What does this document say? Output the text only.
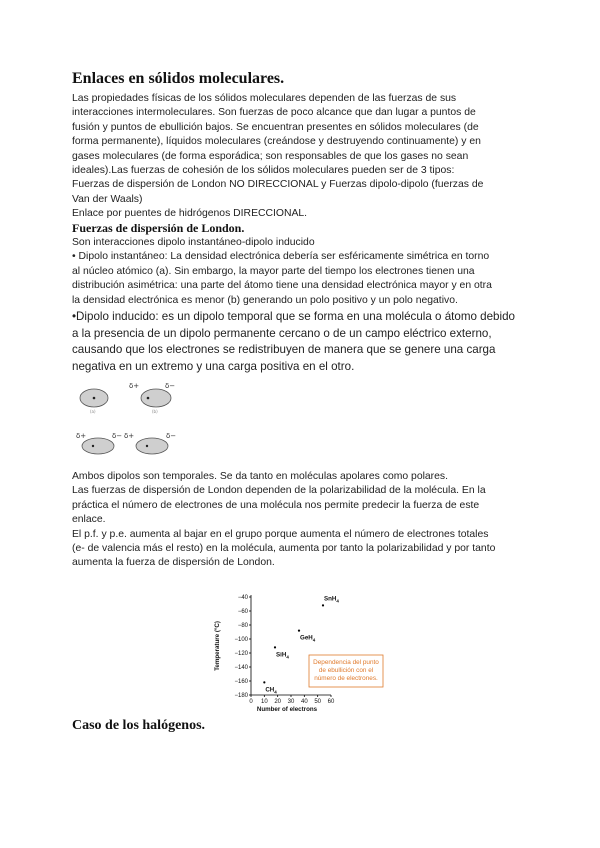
Enlaces en sólidos moleculares.
Las propiedades físicas de los sólidos moleculares dependen de las fuerzas de sus
interacciones intermoleculares. Son fuerzas de poco alcance que dan lugar a puntos de
fusión y puntos de ebullición bajos. Se encuentran presentes en sólidos moleculares (de
forma permanente), líquidos moleculares (creándose y destruyendo continuamente) y en
gases moleculares (de forma esporádica; son responsables de que los gases no sean
ideales).Las fuerzas de cohesión de los sólidos moleculares pueden ser de 3 tipos:
Fuerzas de dispersión de London NO DIRECCIONAL y Fuerzas dipolo-dipolo (fuerzas de
Van der Waals)
Enlace por puentes de hidrógenos DIRECCIONAL.
Fuerzas de dispersión de London.
Son interacciones dipolo instantáneo-dipolo inducido
• Dipolo instantáneo: La densidad electrónica debería ser esféricamente simétrica en torno
al núcleo atómico (a). Sin embargo, la mayor parte del tiempo los electrones tienen una
distribución asimétrica: una parte del átomo tiene una densidad electrónica mayor y en otra
la densidad electrónica es menor (b) generando un polo positivo y un polo negativo.
•Dipolo inducido: es un dipolo temporal que se forma en una molécula o átomo debido
a la presencia de un dipolo permanente cercano o de un campo eléctrico externo,
causando que los electrones se redistribuyen de manera que se genere una carga
negativa en un extremo y una carga positiva en el otro.
(a)
δ+	δ−
(b)
δ+	δ− δ+	δ−
Ambos dipolos son temporales. Se da tanto en moléculas apolares como polares.
Las fuerzas de dispersión de London dependen de la polarizabilidad de la molécula. En la
práctica el número de electrones de una molécula nos permite predecir la fuerza de este
enlace.
El p.f. y p.e. aumenta al bajar en el grupo porque aumenta el número de electrones totales
(e- de valencia más el resto) en la molécula, aumenta por tanto la polarizabilidad y por tanto
aumenta la fuerza de dispersión de London.
−40
−60
−80
−100
−120
−140
−160
−180
0 10 20 30 40 50 60
Number of electrons
Temperature (°C)
$CH_4$
SiH$_4$
GeH$_4$
SnH$_4$
Dependencia del punto
de ebullición con el
número de electrones.
Caso de los halógenos.
